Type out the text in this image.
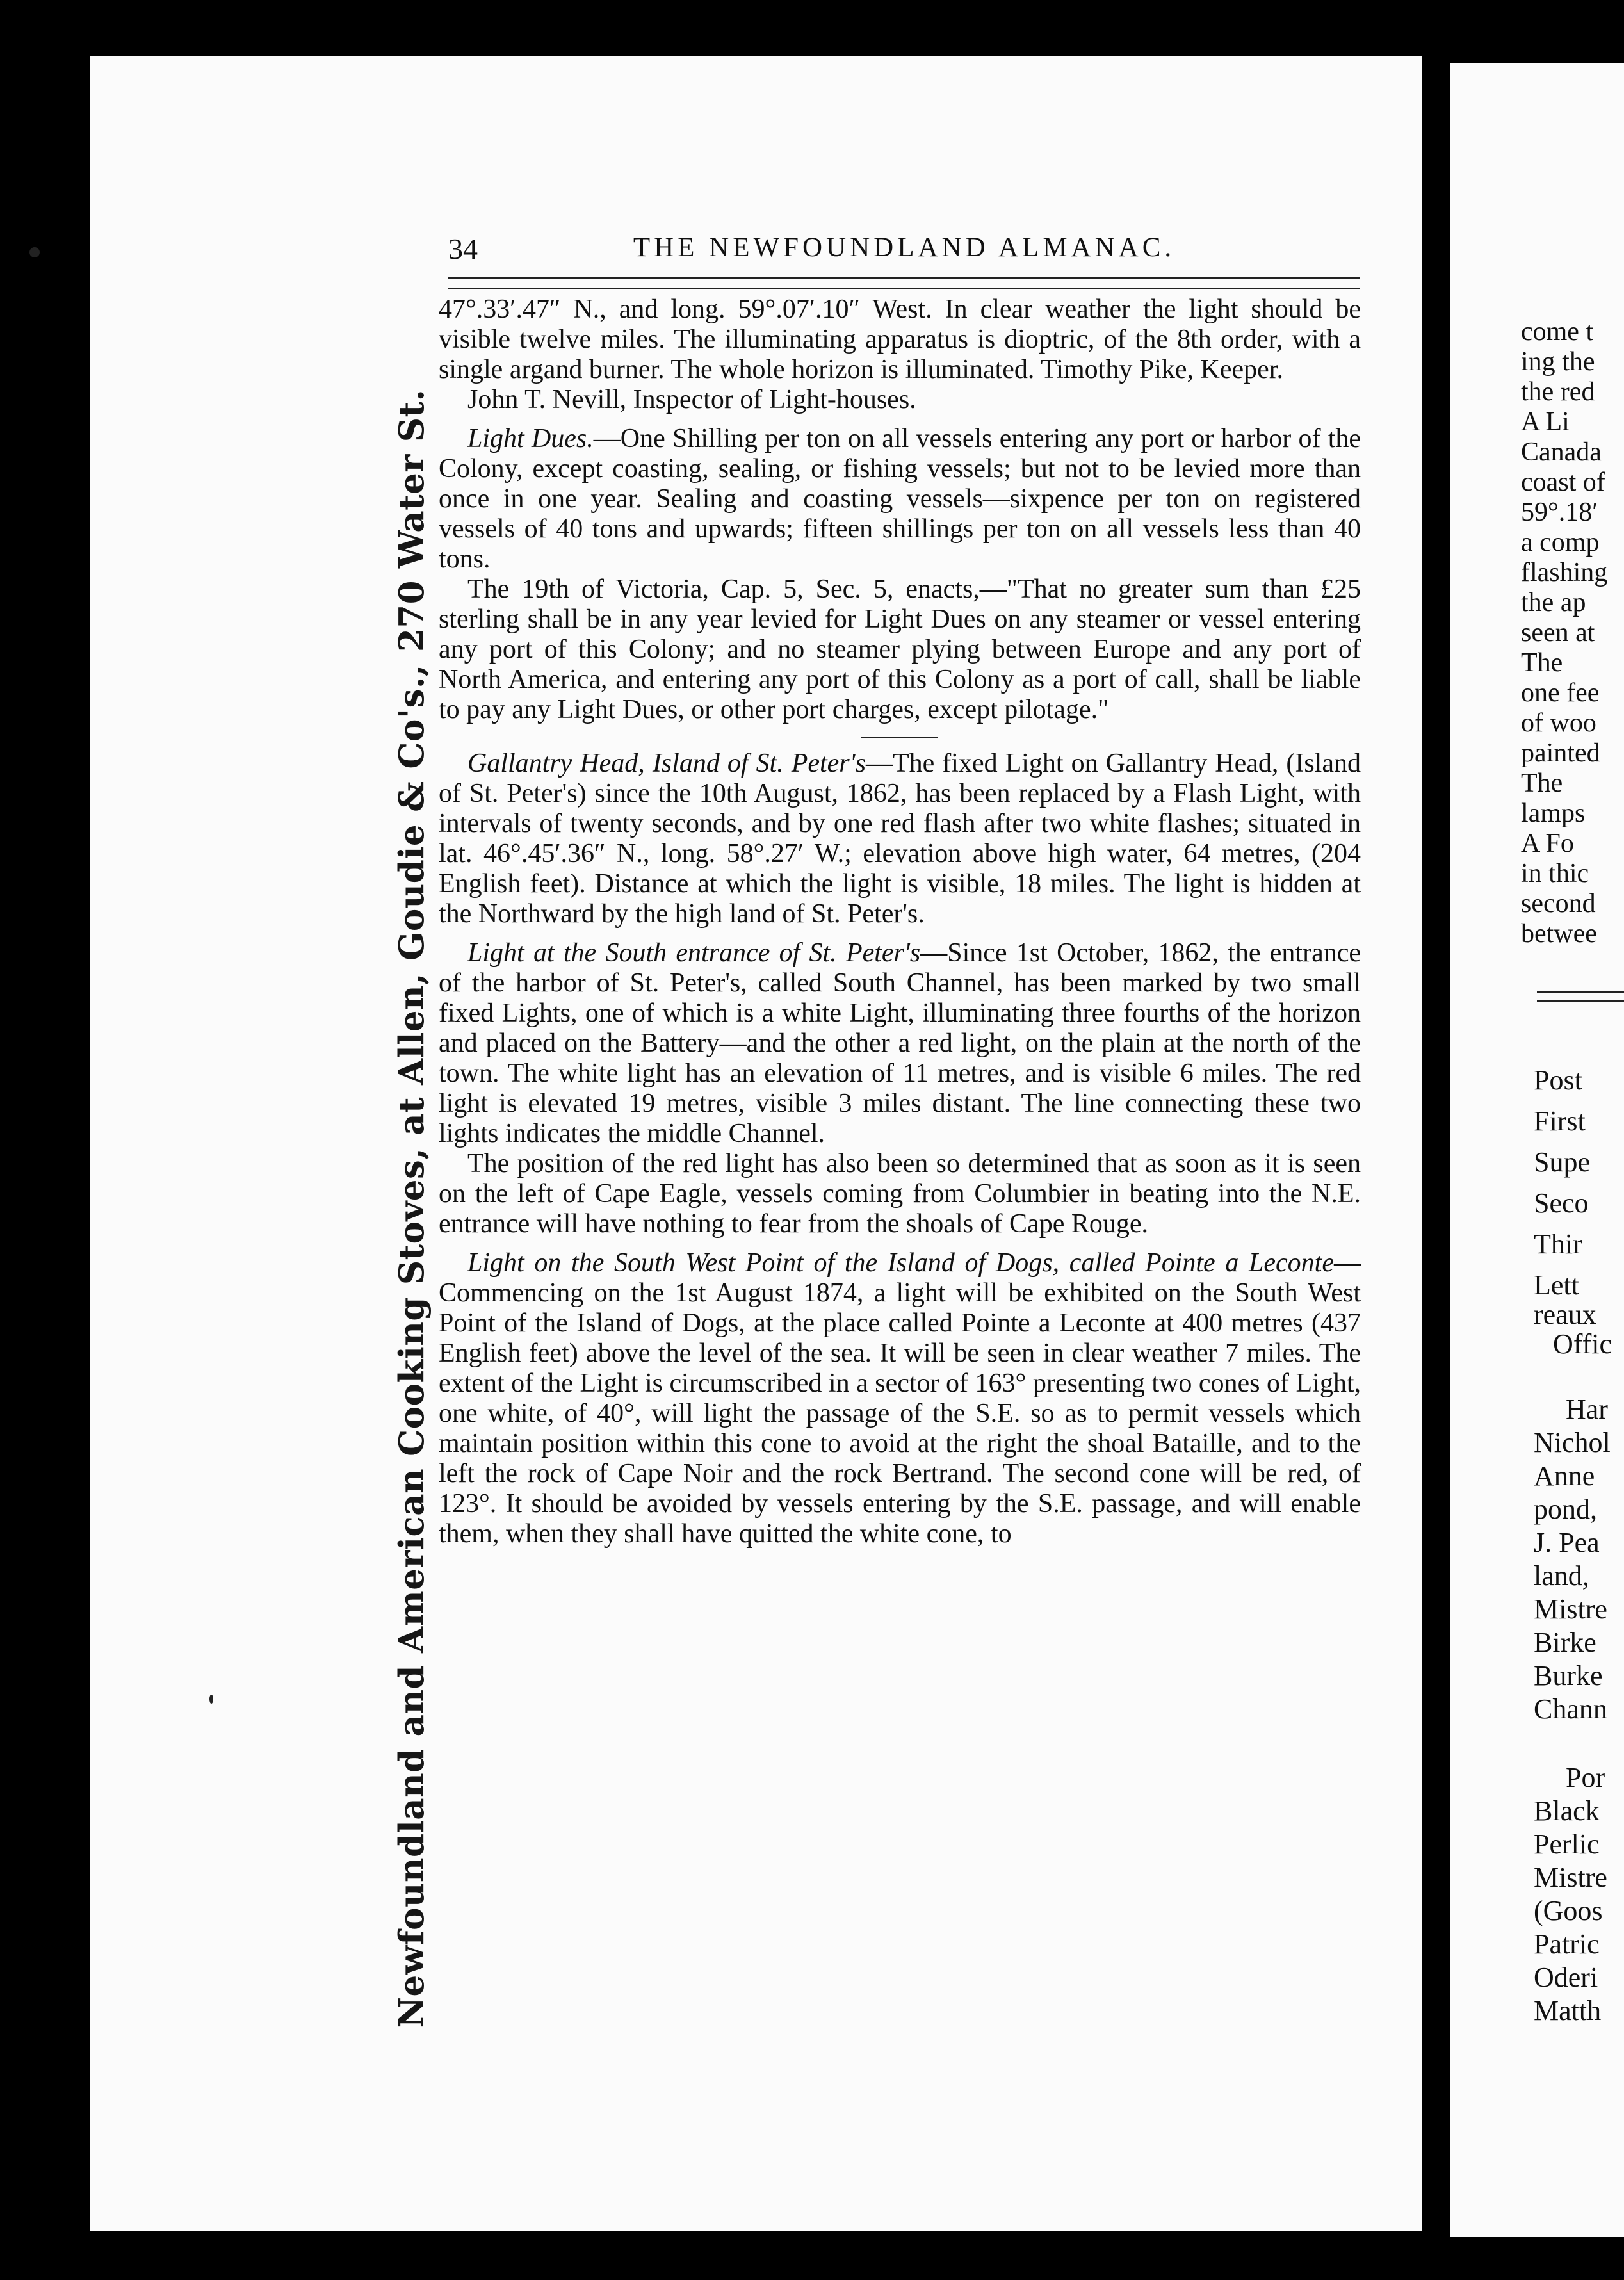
Newfoundland and American Cooking Stoves, at Allen, Goudie & Co's., 270 Water St.
34	THE NEWFOUNDLAND ALMANAC.

47°.33′.47″ N., and long. 59°.07′.10″ West. In clear weather the light should be visible twelve miles. The illuminating apparatus is dioptric, of the 8th order, with a single argand burner. The whole horizon is illuminated. Timothy Pike, Keeper.

John T. Nevill, Inspector of Light-houses.

Light Dues.—One Shilling per ton on all vessels entering any port or harbor of the Colony, except coasting, sealing, or fishing vessels; but not to be levied more than once in one year. Sealing and coasting vessels—sixpence per ton on registered vessels of 40 tons and upwards; fifteen shillings per ton on all vessels less than 40 tons.

The 19th of Victoria, Cap. 5, Sec. 5, enacts,—"That no greater sum than £25 sterling shall be in any year levied for Light Dues on any steamer or vessel entering any port of this Colony; and no steamer plying between Europe and any port of North America, and entering any port of this Colony as a port of call, shall be liable to pay any Light Dues, or other port charges, except pilotage."

Gallantry Head, Island of St. Peter's—The fixed Light on Gallantry Head, (Island of St. Peter's) since the 10th August, 1862, has been replaced by a Flash Light, with intervals of twenty seconds, and by one red flash after two white flashes; situated in lat. 46°.45′.36″ N., long. 58°.27′ W.; elevation above high water, 64 metres, (204 English feet). Distance at which the light is visible, 18 miles. The light is hidden at the Northward by the high land of St. Peter's.

Light at the South entrance of St. Peter's—Since 1st October, 1862, the entrance of the harbor of St. Peter's, called South Channel, has been marked by two small fixed Lights, one of which is a white Light, illuminating three fourths of the horizon and placed on the Battery—and the other a red light, on the plain at the north of the town. The white light has an elevation of 11 metres, and is visible 6 miles. The red light is elevated 19 metres, visible 3 miles distant. The line connecting these two lights indicates the middle Channel.

The position of the red light has also been so determined that as soon as it is seen on the left of Cape Eagle, vessels coming from Columbier in beating into the N.E. entrance will have nothing to fear from the shoals of Cape Rouge.

Light on the South West Point of the Island of Dogs, called Pointe a Leconte—Commencing on the 1st August 1874, a light will be exhibited on the South West Point of the Island of Dogs, at the place called Pointe a Leconte at 400 metres (437 English feet) above the level of the sea. It will be seen in clear weather 7 miles. The extent of the Light is circumscribed in a sector of 163° presenting two cones of Light, one white, of 40°, will light the passage of the S.E. so as to permit vessels which maintain position within this cone to avoid at the right the shoal Bataille, and to the left the rock of Cape Noir and the rock Bertrand. The second cone will be red, of 123°. It should be avoided by vessels entering by the S.E. passage, and will enable them, when they shall have quitted the white cone, to

come t
ing the
the red
A Li
Canada
coast of
59°.18′
a comp
flashing
the ap
seen at
The
one fee
of woo
painted
The
lamps
A Fo
in thic
second
betwee
Post
First
Supe
Seco
Thir
Lett
reaux
Offic
Har
Nichol
Anne
pond,
J. Pea
land,
Mistre
Birke
Burke
Chann
Por
Black
Perlic
Mistre
(Goos
Patric
Oderi
Matth
